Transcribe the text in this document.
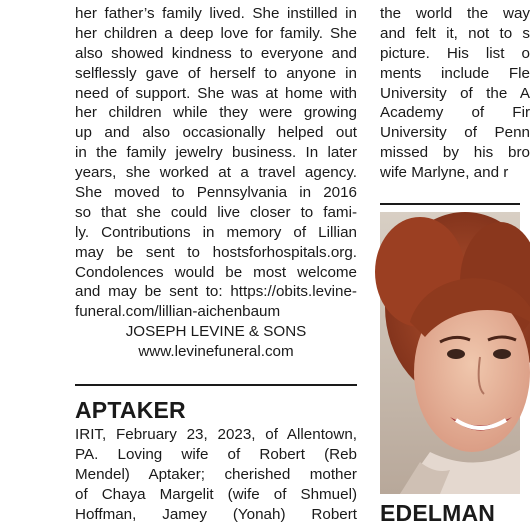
her father’s family lived. She instilled in
her children a deep love for family. She
also showed kindness to everyone and
selflessly gave of herself to anyone in
need of support. She was at home with
her children while they were growing
up and also occasionally helped out
in the family jewelry business. In later
years, she worked at a travel agency.
She moved to Pennsylvania in 2016
so that she could live closer to fami-
ly. Contributions in memory of Lillian
may be sent to hostsforhospitals.org.
Condolences would be most welcome
and may be sent to: https://obits.levine-
funeral.com/lillian-aichenbaum
JOSEPH LEVINE & SONS
www.levinefuneral.com
APTAKER
IRIT, February 23, 2023, of Allentown,
PA. Loving wife of Robert (Reb
Mendel) Aptaker; cherished mother
of Chaya Margelit (wife of Shmuel)
Hoffman, Jamey (Yonah) Robert
the world the way
and felt it, not to s
picture. His list o
ments include Fle
University of the A
Academy of Fir
University of Penn
missed by his bro
wife Marlyne, and r
EDELMAN
